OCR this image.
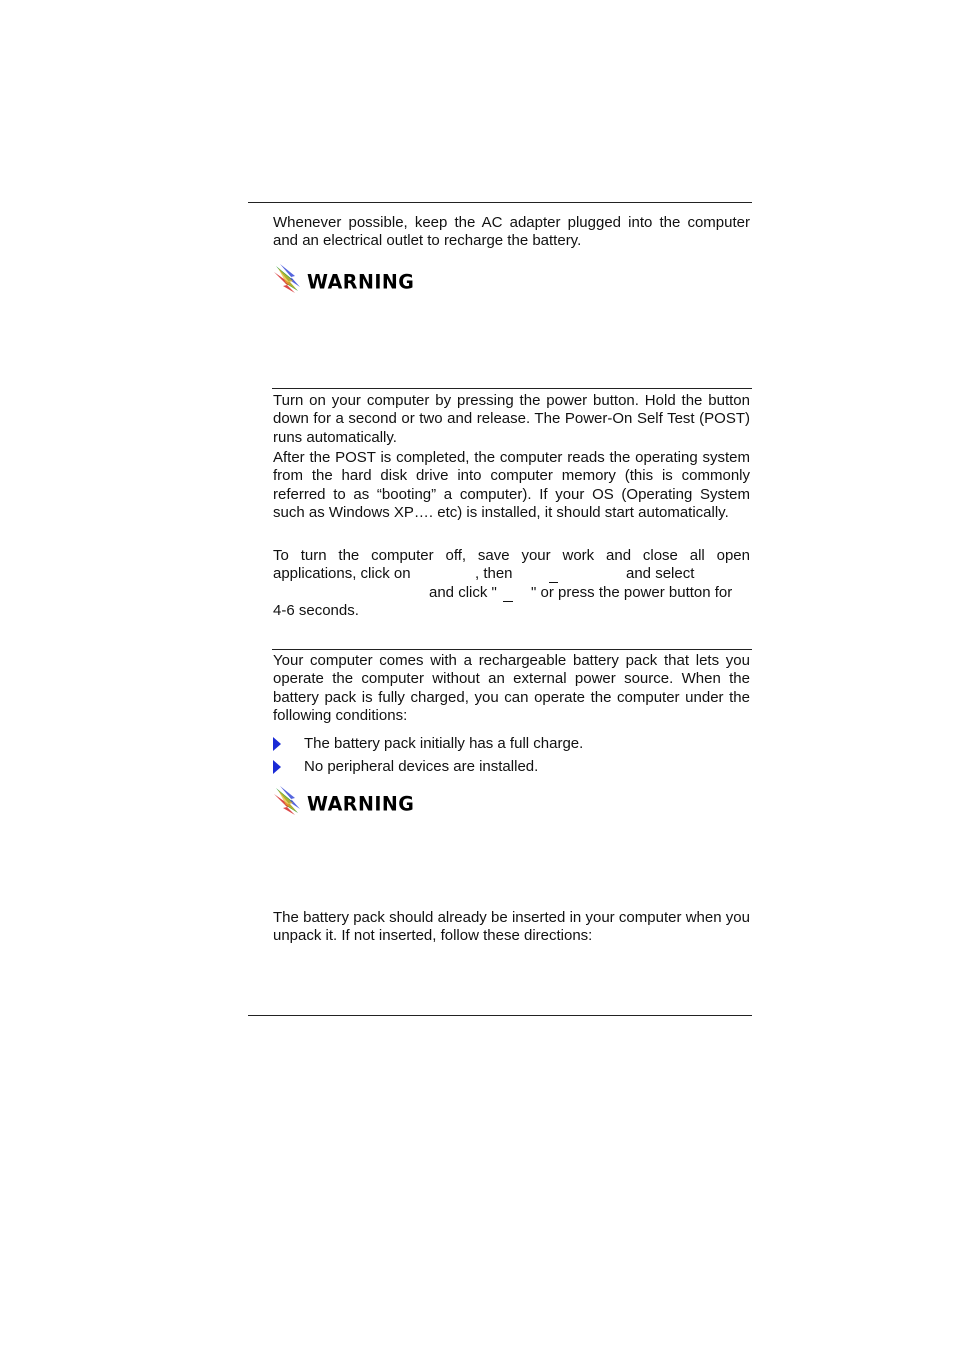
Whenever possible, keep the AC adapter plugged into the computer and an electrical outlet to recharge the battery.

WARNING

Turn on your computer by pressing the power button. Hold the button down for a second or two and release. The Power-On Self Test (POST) runs automatically.

After the POST is completed, the computer reads the operating system from the hard disk drive into computer memory (this is commonly referred to as “booting” a computer). If your OS (Operating System such as Windows XP…. etc) is installed, it should start automatically.

To turn the computer off, save your work and close all open
applications, click on	, then	and select
and click " " or press the power button for
4-6 seconds.

Your computer comes with a rechargeable battery pack that lets you operate the computer without an external power source. When the battery pack is fully charged, you can operate the computer under the following conditions:

The battery pack initially has a full charge.
No peripheral devices are installed.
WARNING

The battery pack should already be inserted in your computer when you unpack it. If not inserted, follow these directions:
